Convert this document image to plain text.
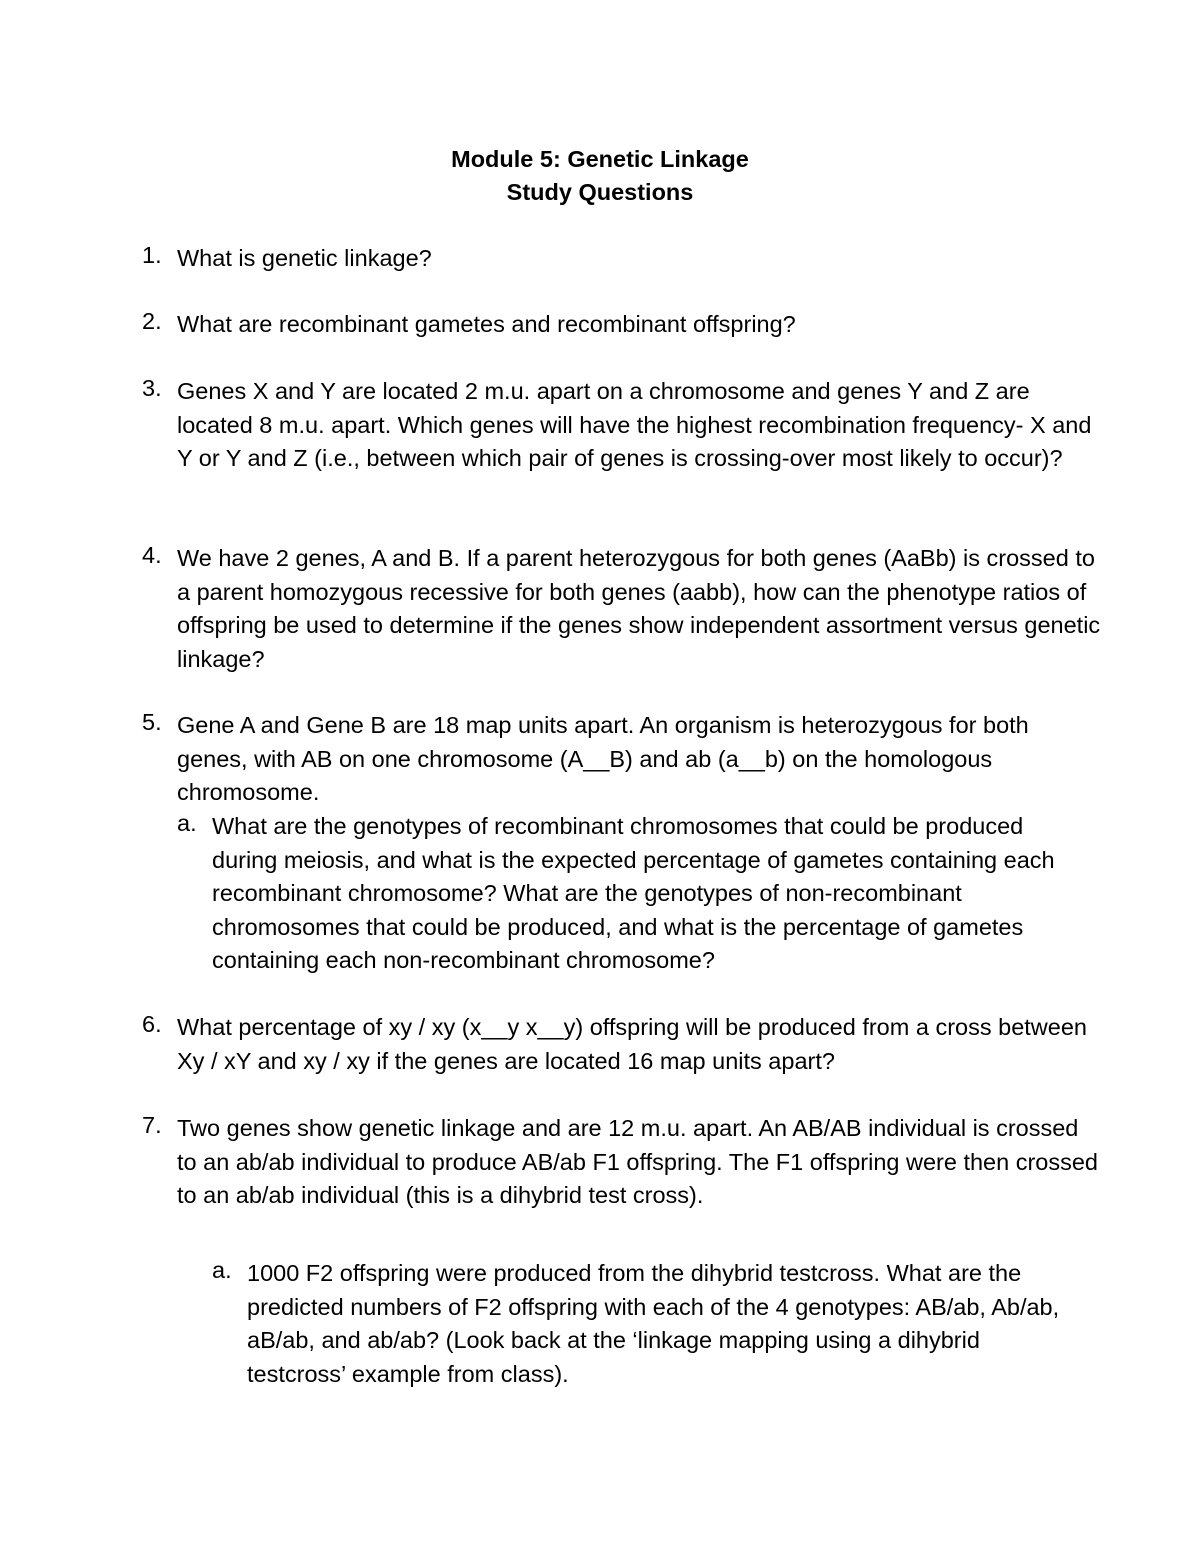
Module 5: Genetic Linkage
Study Questions
1. What is genetic linkage?
2. What are recombinant gametes and recombinant offspring?
3. Genes X and Y are located 2 m.u. apart on a chromosome and genes Y and Z are located 8 m.u. apart. Which genes will have the highest recombination frequency- X and Y or Y and Z (i.e., between which pair of genes is crossing-over most likely to occur)?
4. We have 2 genes, A and B. If a parent heterozygous for both genes (AaBb) is crossed to a parent homozygous recessive for both genes (aabb), how can the phenotype ratios of offspring be used to determine if the genes show independent assortment versus genetic linkage?
5. Gene A and Gene B are 18 map units apart. An organism is heterozygous for both genes, with AB on one chromosome (A__B) and ab (a__b) on the homologous chromosome.
a. What are the genotypes of recombinant chromosomes that could be produced during meiosis, and what is the expected percentage of gametes containing each recombinant chromosome? What are the genotypes of non-recombinant chromosomes that could be produced, and what is the percentage of gametes containing each non-recombinant chromosome?
6. What percentage of xy / xy (x__y x__y) offspring will be produced from a cross between Xy / xY and xy / xy if the genes are located 16 map units apart?
7. Two genes show genetic linkage and are 12 m.u. apart. An AB/AB individual is crossed to an ab/ab individual to produce AB/ab F1 offspring. The F1 offspring were then crossed to an ab/ab individual (this is a dihybrid test cross).
a. 1000 F2 offspring were produced from the dihybrid testcross. What are the predicted numbers of F2 offspring with each of the 4 genotypes: AB/ab, Ab/ab, aB/ab, and ab/ab? (Look back at the ‘linkage mapping using a dihybrid testcross’ example from class).
